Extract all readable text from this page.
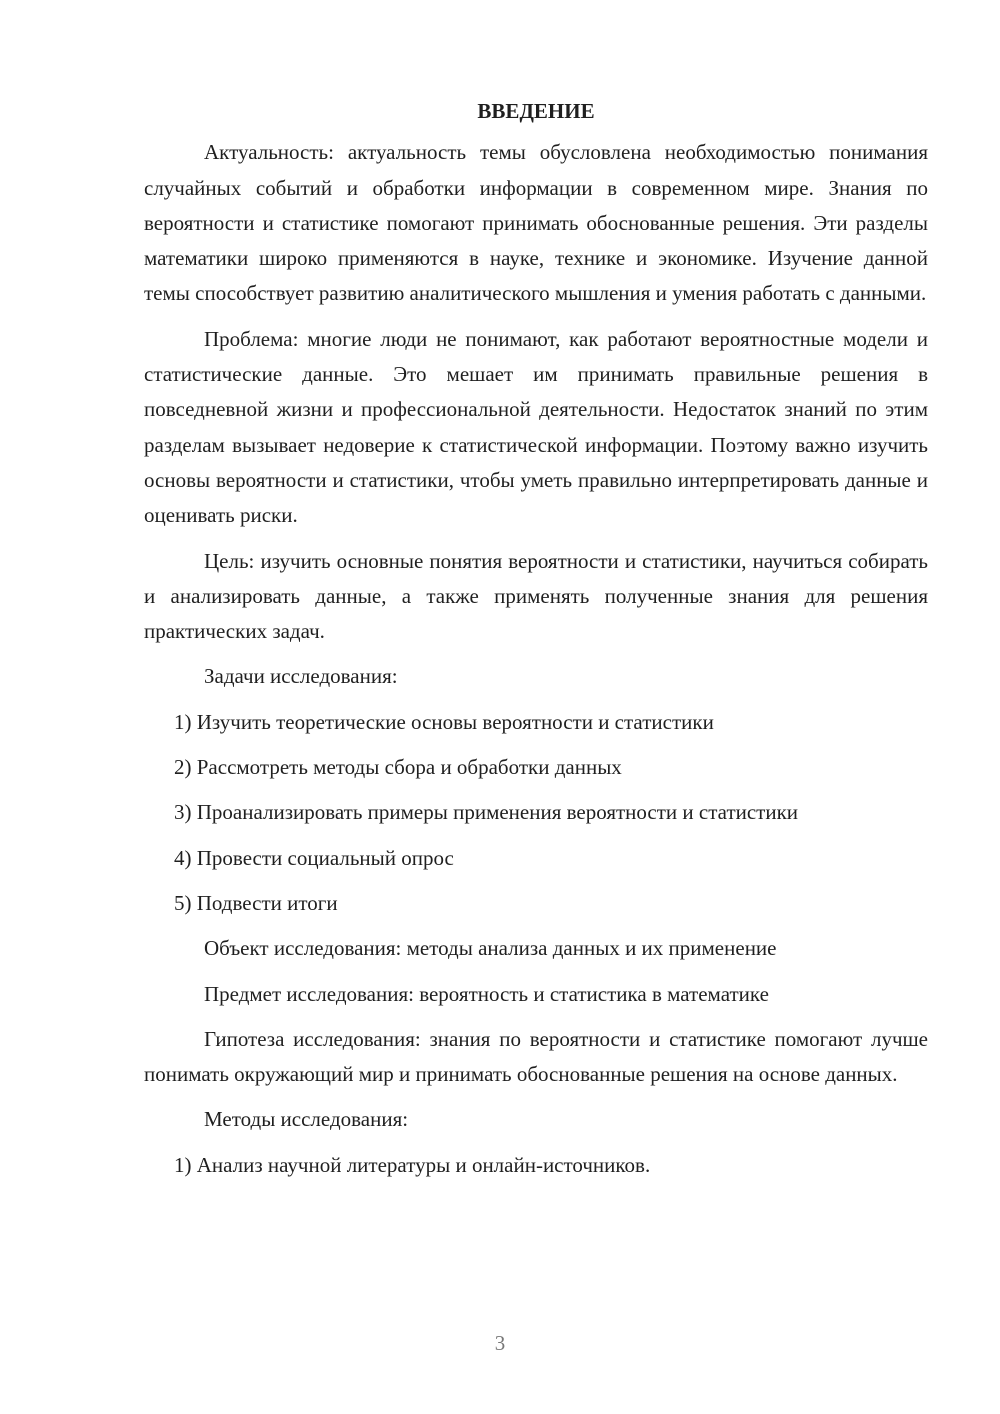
ВВЕДЕНИЕ

Актуальность: актуальность темы обусловлена необходимостью понимания случайных событий и обработки информации в современном мире. Знания по вероятности и статистике помогают принимать обоснованные решения. Эти разделы математики широко применяются в науке, технике и экономике. Изучение данной темы способствует развитию аналитического мышления и умения работать с данными.

Проблема: многие люди не понимают, как работают вероятностные модели и статистические данные. Это мешает им принимать правильные решения в повседневной жизни и профессиональной деятельности. Недостаток знаний по этим разделам вызывает недоверие к статистической информации. Поэтому важно изучить основы вероятности и статистики, чтобы уметь правильно интерпретировать данные и оценивать риски.

Цель: изучить основные понятия вероятности и статистики, научиться собирать и анализировать данные, а также применять полученные знания для решения практических задач.

Задачи исследования:
1) Изучить теоретические основы вероятности и статистики
2) Рассмотреть методы сбора и обработки данных
3) Проанализировать примеры применения вероятности и статистики
4) Провести социальный опрос
5) Подвести итоги
Объект исследования: методы анализа данных и их применение
Предмет исследования: вероятность и статистика в математике

Гипотеза исследования: знания по вероятности и статистике помогают лучше понимать окружающий мир и принимать обоснованные решения на основе данных.

Методы исследования:
1) Анализ научной литературы и онлайн-источников.
3
